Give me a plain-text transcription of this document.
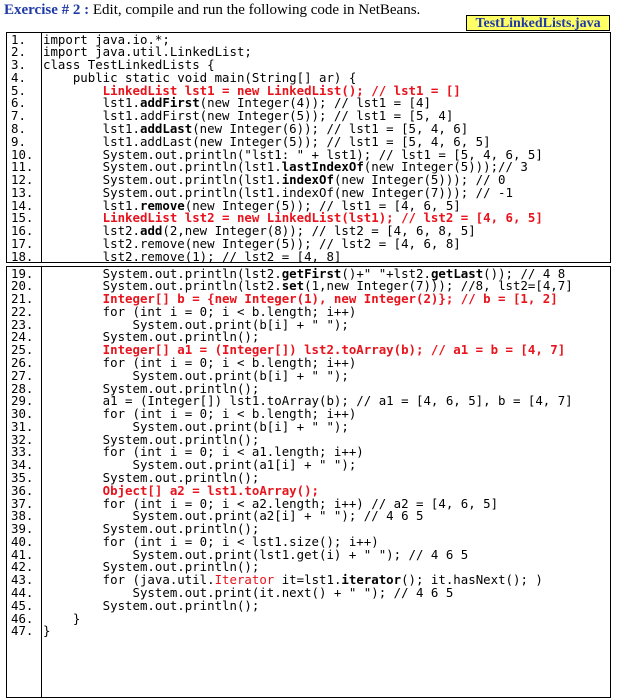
Exercise # 2 : Edit, compile and run the following code in NetBeans.
TestLinkedLists.java
1.	import java.io.*;
2.	import java.util.LinkedList;
3.	class TestLinkedLists {
4.	public static void main(String[] ar) {
5.	LinkedList lst1 = new LinkedList(); // lst1 = []
6.	lst1.addFirst(new Integer(4)); // lst1 = [4]
7.	lst1.addFirst(new Integer(5)); // lst1 = [5, 4]
8.	lst1.addLast(new Integer(6)); // lst1 = [5, 4, 6]
9.	lst1.addLast(new Integer(5)); // lst1 = [5, 4, 6, 5]
10. System.out.println("lst1: " + lst1); // lst1 = [5, 4, 6, 5]
11. System.out.println(lst1.lastIndexOf(new Integer(5)));// 3
12. System.out.println(lst1.indexOf(new Integer(5))); // 0
13. System.out.println(lst1.indexOf(new Integer(7))); // -1
14. lst1.remove(new Integer(5)); // lst1 = [4, 6, 5]
15. LinkedList lst2 = new LinkedList(lst1); // lst2 = [4, 6, 5]
16. lst2.add(2,new Integer(8)); // lst2 = [4, 6, 8, 5]
17. lst2.remove(new Integer(5)); // lst2 = [4, 6, 8]
18. lst2.remove(1); // lst2 = [4, 8]
19. System.out.println(lst2.getFirst()+" "+lst2.getLast()); // 4 8
20. System.out.println(lst2.set(1,new Integer(7))); //8, lst2=[4,7]
21. Integer[] b = {new Integer(1), new Integer(2)}; // b = [1, 2]
22. for (int i = 0; i < b.length; i++)
23. System.out.print(b[i] + " ");
24. System.out.println();
25. Integer[] a1 = (Integer[]) lst2.toArray(b); // a1 = b = [4, 7]
26. for (int i = 0; i < b.length; i++)
27. System.out.print(b[i] + " ");
28. System.out.println();
29. a1 = (Integer[]) lst1.toArray(b); // a1 = [4, 6, 5], b = [4, 7]
30. for (int i = 0; i < b.length; i++)
31. System.out.print(b[i] + " ");
32. System.out.println();
33. for (int i = 0; i < a1.length; i++)
34. System.out.print(a1[i] + " ");
35. System.out.println();
36. Object[] a2 = lst1.toArray();
37. for (int i = 0; i < a2.length; i++) // a2 = [4, 6, 5]
38. System.out.print(a2[i] + " "); // 4 6 5
39. System.out.println();
40. for (int i = 0; i < lst1.size(); i++)
41. System.out.print(lst1.get(i) + " "); // 4 6 5
42. System.out.println();
43. for (java.util.Iterator it=lst1.iterator(); it.hasNext(); )
44. System.out.print(it.next() + " "); // 4 6 5
45. System.out.println();
46. }
47. }
